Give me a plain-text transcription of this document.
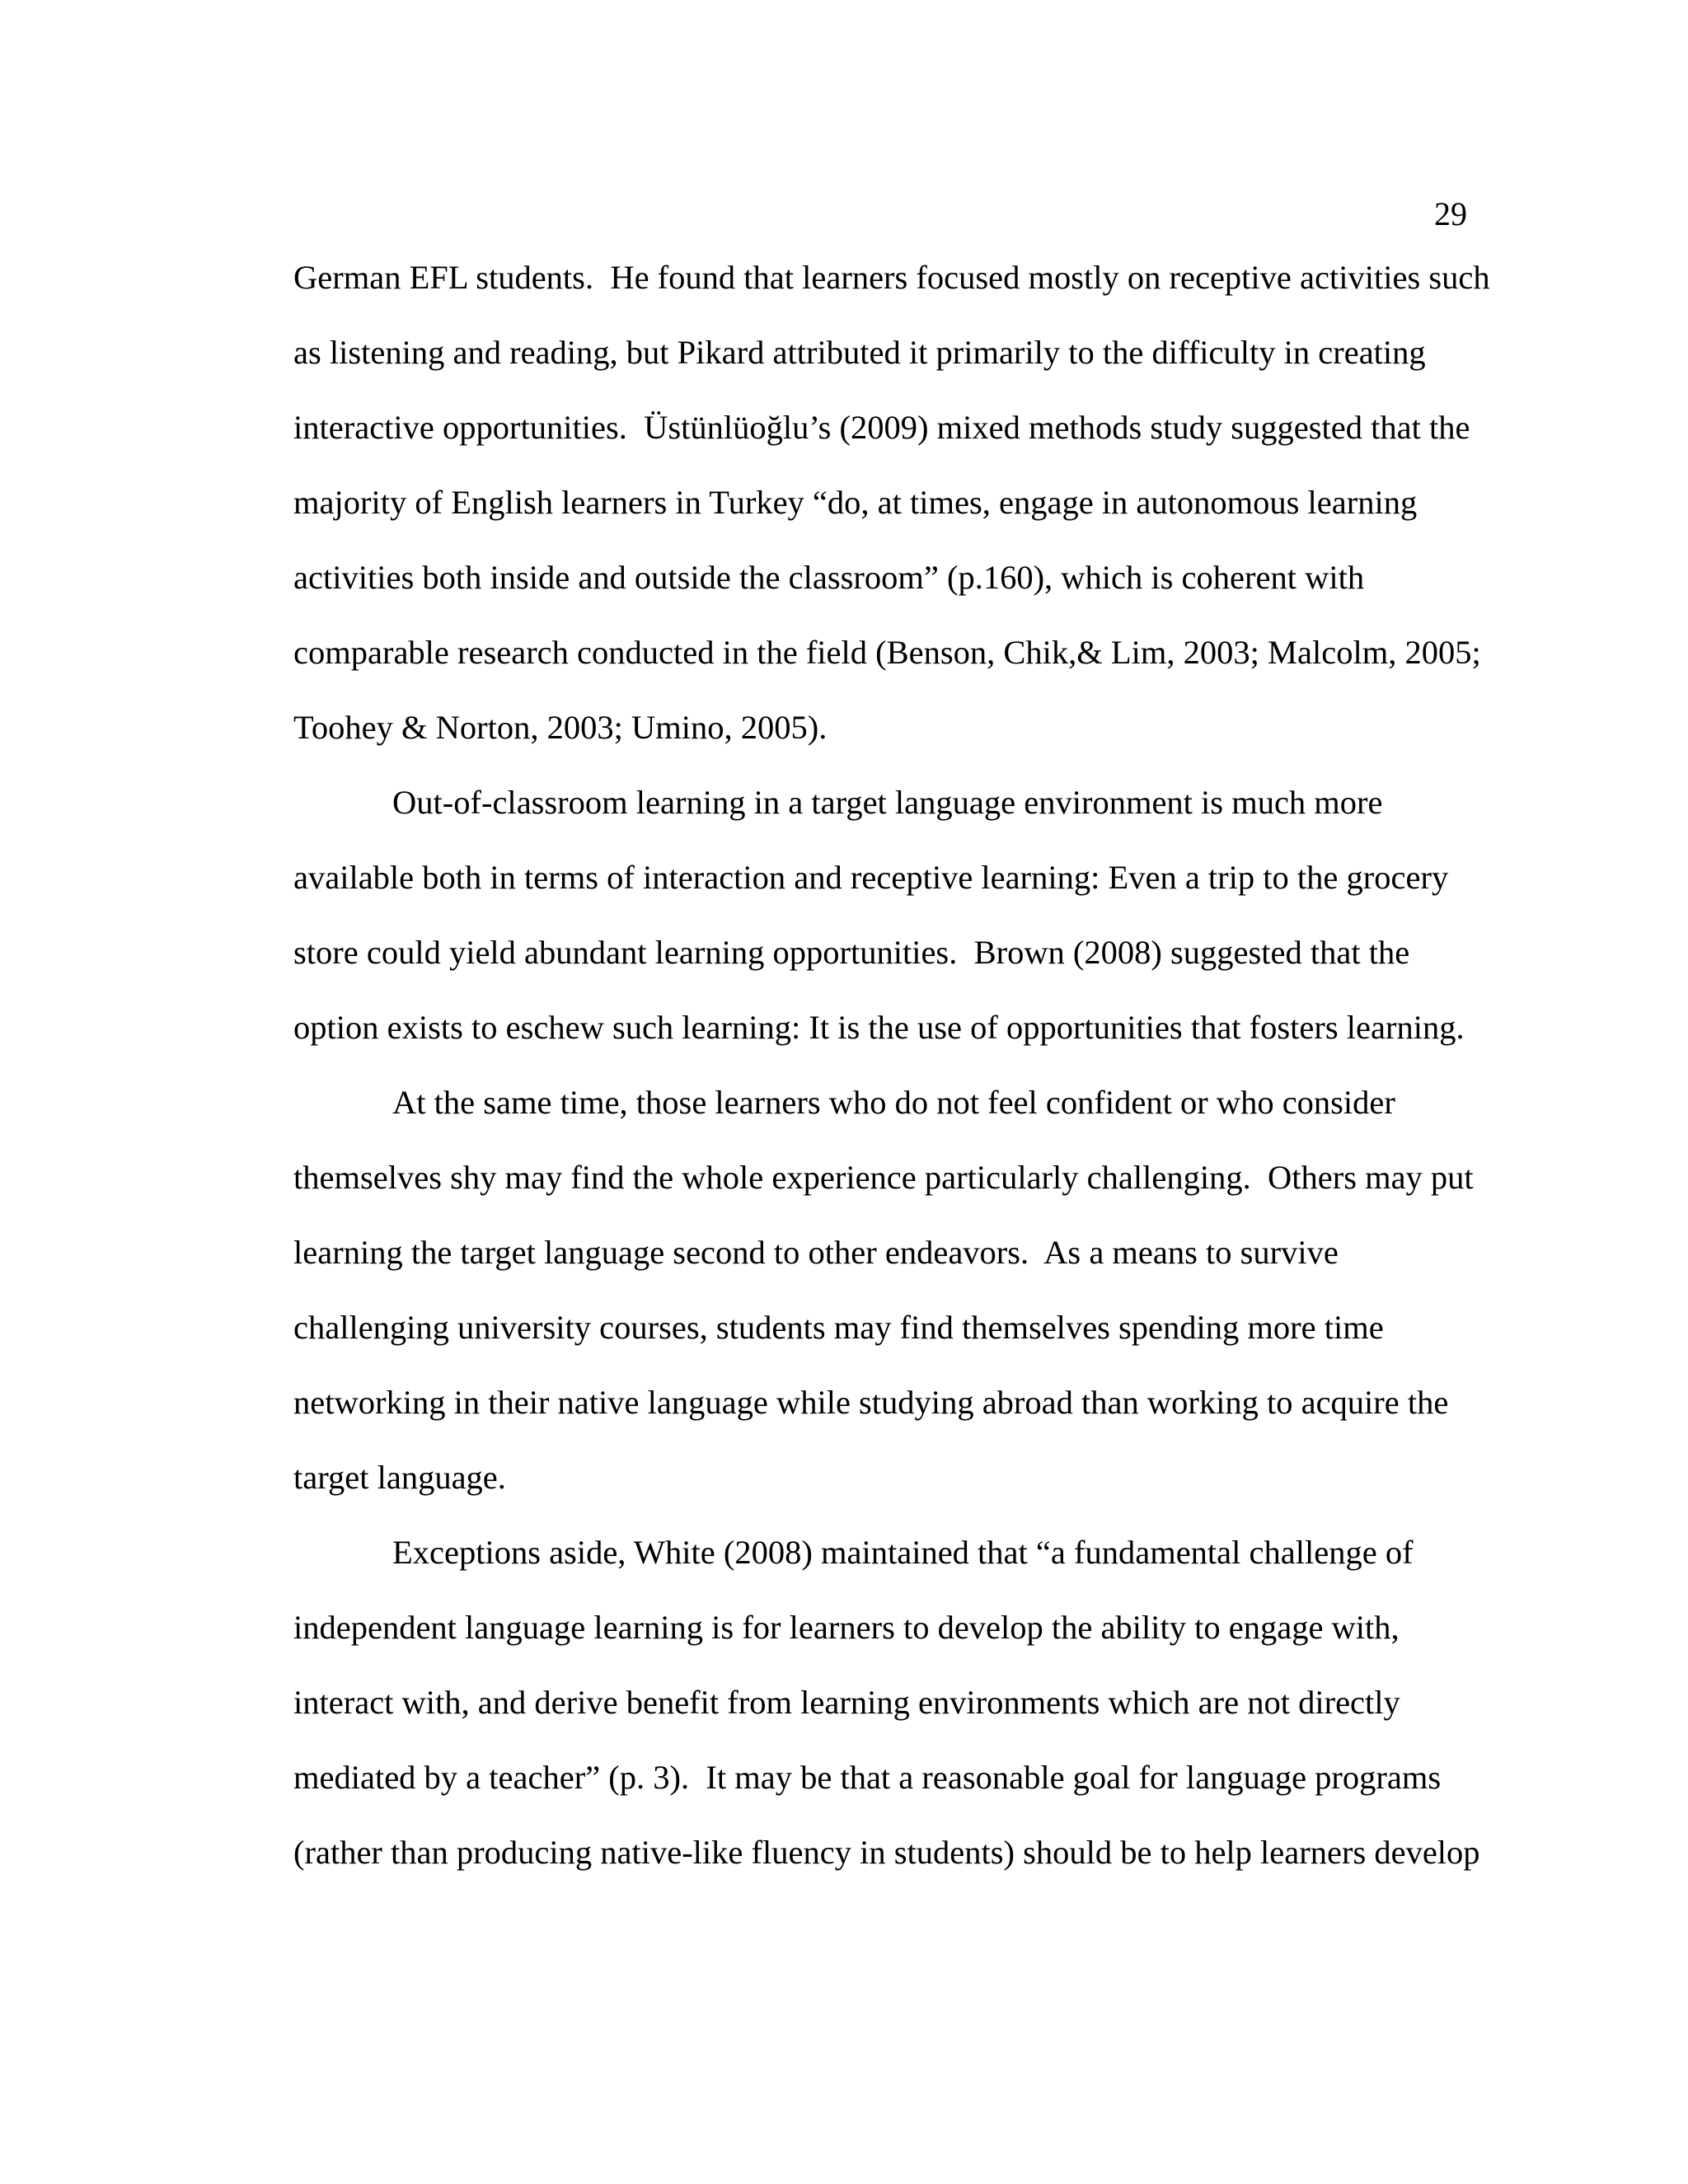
29
German EFL students.  He found that learners focused mostly on receptive activities such
as listening and reading, but Pikard attributed it primarily to the difficulty in creating
interactive opportunities.  Üstünlüoğlu’s (2009) mixed methods study suggested that the
majority of English learners in Turkey “do, at times, engage in autonomous learning
activities both inside and outside the classroom” (p.160), which is coherent with
comparable research conducted in the field (Benson, Chik,& Lim, 2003; Malcolm, 2005;
Toohey & Norton, 2003; Umino, 2005).
Out-of-classroom learning in a target language environment is much more
available both in terms of interaction and receptive learning: Even a trip to the grocery
store could yield abundant learning opportunities.  Brown (2008) suggested that the
option exists to eschew such learning: It is the use of opportunities that fosters learning.
At the same time, those learners who do not feel confident or who consider
themselves shy may find the whole experience particularly challenging.  Others may put
learning the target language second to other endeavors.  As a means to survive
challenging university courses, students may find themselves spending more time
networking in their native language while studying abroad than working to acquire the
target language.
Exceptions aside, White (2008) maintained that “a fundamental challenge of
independent language learning is for learners to develop the ability to engage with,
interact with, and derive benefit from learning environments which are not directly
mediated by a teacher” (p. 3).  It may be that a reasonable goal for language programs
(rather than producing native-like fluency in students) should be to help learners develop
